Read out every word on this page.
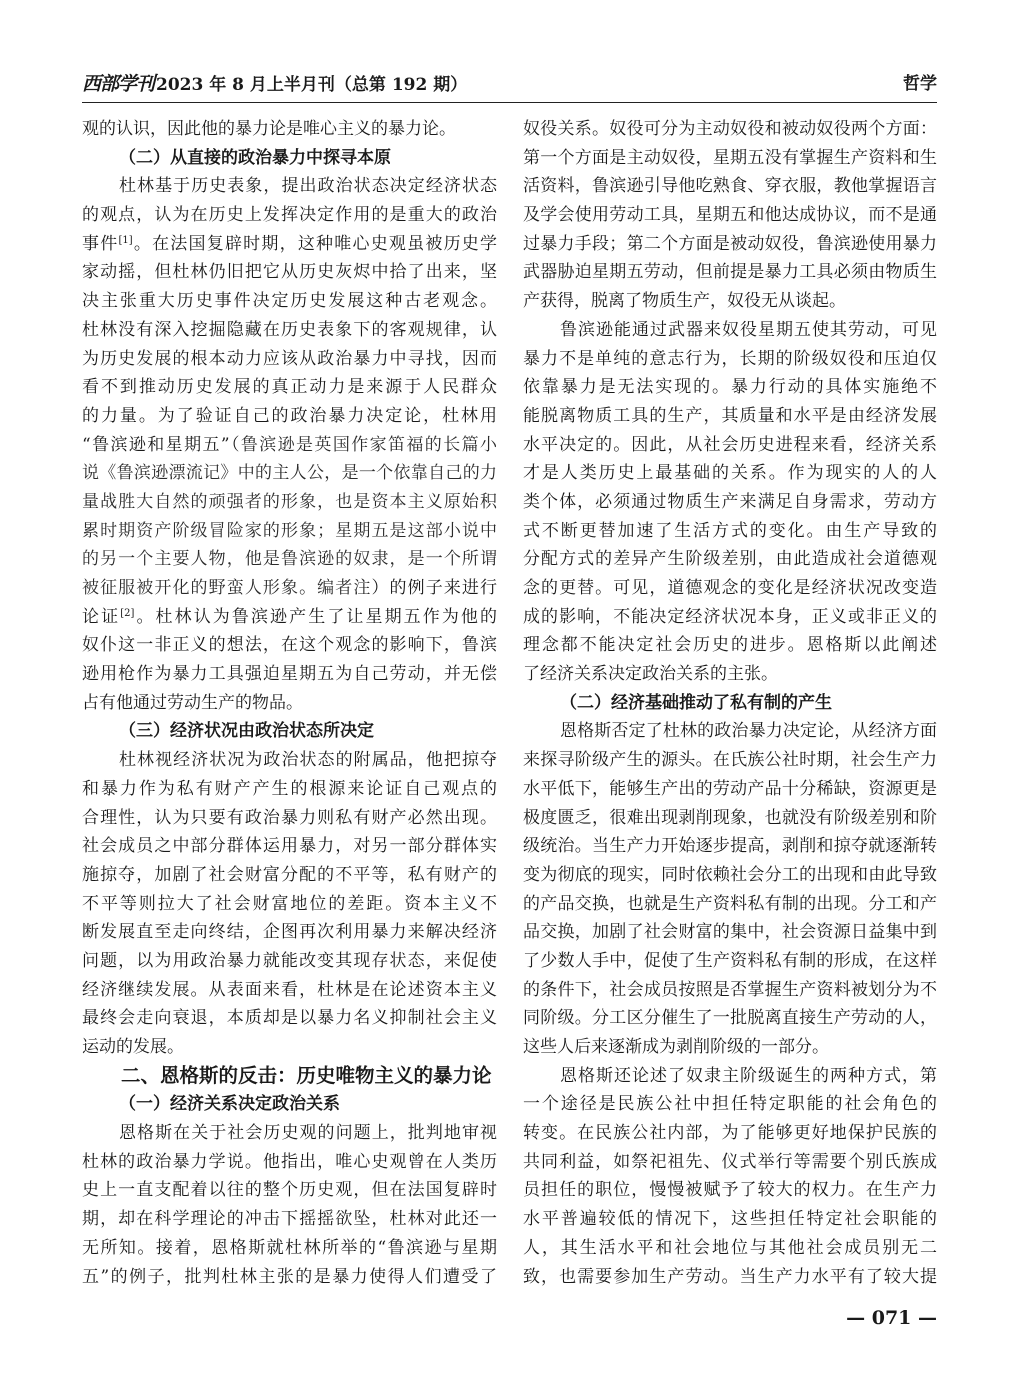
西部学刊 2023 年 8 月上半月刊（总第 192 期）	哲学
观的认识，因此他的暴力论是唯心主义的暴力论。
（二）从直接的政治暴力中探寻本原
杜林基于历史表象，提出政治状态决定经济状态
的观点，认为在历史上发挥决定作用的是重大的政治
事件[1]。在法国复辟时期，这种唯心史观虽被历史学
家动摇，但杜林仍旧把它从历史灰烬中拾了出来，坚
决主张重大历史事件决定历史发展这种古老观念。
杜林没有深入挖掘隐藏在历史表象下的客观规律，认
为历史发展的根本动力应该从政治暴力中寻找，因而
看不到推动历史发展的真正动力是来源于人民群众
的力量。为了验证自己的政治暴力决定论，杜林用
“鲁滨逊和星期五”（鲁滨逊是英国作家笛福的长篇小
说《鲁滨逊漂流记》中的主人公，是一个依靠自己的力
量战胜大自然的顽强者的形象，也是资本主义原始积
累时期资产阶级冒险家的形象；星期五是这部小说中
的另一个主要人物，他是鲁滨逊的奴隶，是一个所谓
被征服被开化的野蛮人形象。编者注）的例子来进行
论证[2]。杜林认为鲁滨逊产生了让星期五作为他的
奴仆这一非正义的想法，在这个观念的影响下，鲁滨
逊用枪作为暴力工具强迫星期五为自己劳动，并无偿
占有他通过劳动生产的物品。
（三）经济状况由政治状态所决定
杜林视经济状况为政治状态的附属品，他把掠夺
和暴力作为私有财产产生的根源来论证自己观点的
合理性，认为只要有政治暴力则私有财产必然出现。
社会成员之中部分群体运用暴力，对另一部分群体实
施掠夺，加剧了社会财富分配的不平等，私有财产的
不平等则拉大了社会财富地位的差距。资本主义不
断发展直至走向终结，企图再次利用暴力来解决经济
问题，以为用政治暴力就能改变其现存状态，来促使
经济继续发展。从表面来看，杜林是在论述资本主义
最终会走向衰退，本质却是以暴力名义抑制社会主义
运动的发展。
二、恩格斯的反击：历史唯物主义的暴力论
（一）经济关系决定政治关系
恩格斯在关于社会历史观的问题上，批判地审视
杜林的政治暴力学说。他指出，唯心史观曾在人类历
史上一直支配着以往的整个历史观，但在法国复辟时
期，却在科学理论的冲击下摇摇欲坠，杜林对此还一
无所知。接着，恩格斯就杜林所举的“鲁滨逊与星期
五”的例子，批判杜林主张的是暴力使得人们遭受了
奴役关系。奴役可分为主动奴役和被动奴役两个方面：
第一个方面是主动奴役，星期五没有掌握生产资料和生
活资料，鲁滨逊引导他吃熟食、穿衣服，教他掌握语言
及学会使用劳动工具，星期五和他达成协议，而不是通
过暴力手段；第二个方面是被动奴役，鲁滨逊使用暴力
武器胁迫星期五劳动，但前提是暴力工具必须由物质生
产获得，脱离了物质生产，奴役无从谈起。
鲁滨逊能通过武器来奴役星期五使其劳动，可见
暴力不是单纯的意志行为，长期的阶级奴役和压迫仅
依靠暴力是无法实现的。暴力行动的具体实施绝不
能脱离物质工具的生产，其质量和水平是由经济发展
水平决定的。因此，从社会历史进程来看，经济关系
才是人类历史上最基础的关系。作为现实的人的人
类个体，必须通过物质生产来满足自身需求，劳动方
式不断更替加速了生活方式的变化。由生产导致的
分配方式的差异产生阶级差别，由此造成社会道德观
念的更替。可见，道德观念的变化是经济状况改变造
成的影响，不能决定经济状况本身，正义或非正义的
理念都不能决定社会历史的进步。恩格斯以此阐述
了经济关系决定政治关系的主张。
（二）经济基础推动了私有制的产生
恩格斯否定了杜林的政治暴力决定论，从经济方面
来探寻阶级产生的源头。在氏族公社时期，社会生产力
水平低下，能够生产出的劳动产品十分稀缺，资源更是
极度匮乏，很难出现剥削现象，也就没有阶级差别和阶
级统治。当生产力开始逐步提高，剥削和掠夺就逐渐转
变为彻底的现实，同时依赖社会分工的出现和由此导致
的产品交换，也就是生产资料私有制的出现。分工和产
品交换，加剧了社会财富的集中，社会资源日益集中到
了少数人手中，促使了生产资料私有制的形成，在这样
的条件下，社会成员按照是否掌握生产资料被划分为不
同阶级。分工区分催生了一批脱离直接生产劳动的人，
这些人后来逐渐成为剥削阶级的一部分。
恩格斯还论述了奴隶主阶级诞生的两种方式，第
一个途径是民族公社中担任特定职能的社会角色的
转变。在民族公社内部，为了能够更好地保护民族的
共同利益，如祭祀祖先、仪式举行等需要个别氏族成
员担任的职位，慢慢被赋予了较大的权力。在生产力
水平普遍较低的情况下，这些担任特定社会职能的
人，其生活水平和社会地位与其他社会成员别无二
致，也需要参加生产劳动。当生产力水平有了较大提
— 071 —
